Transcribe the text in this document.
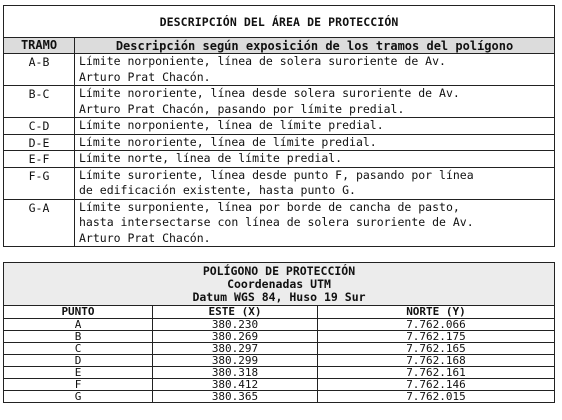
DESCRIPCIÓN DEL ÁREA DE PROTECCIÓN	
TRAMO	Descripción según exposición de los tramos del polígono
A-B	Límite norponiente, línea de solera suroriente de Av.
Arturo Prat Chacón.
B-C	Límite nororiente, línea desde solera suroriente de Av.
Arturo Prat Chacón, pasando por límite predial.
C-D	Límite norponiente, línea de límite predial.
D-E	Límite nororiente, línea de límite predial.
E-F	Límite norte, línea de límite predial.
F-G	Límite suroriente, línea desde punto F, pasando por línea
de edificación existente, hasta punto G.
G-A	Límite surponiente, línea por borde de cancha de pasto,
hasta intersectarse con línea de solera suroriente de Av.
Arturo Prat Chacón.
POLÍGONO DE PROTECCIÓN
Coordenadas UTM
Datum WGS 84, Huso 19 Sur		

PUNTO	ESTE (X)	NORTE (Y)
A	380.230	7.762.066
B	380.269	7.762.175
C	380.297	7.762.165
D	380.299	7.762.168
E	380.318	7.762.161
F	380.412	7.762.146
G	380.365	7.762.015
